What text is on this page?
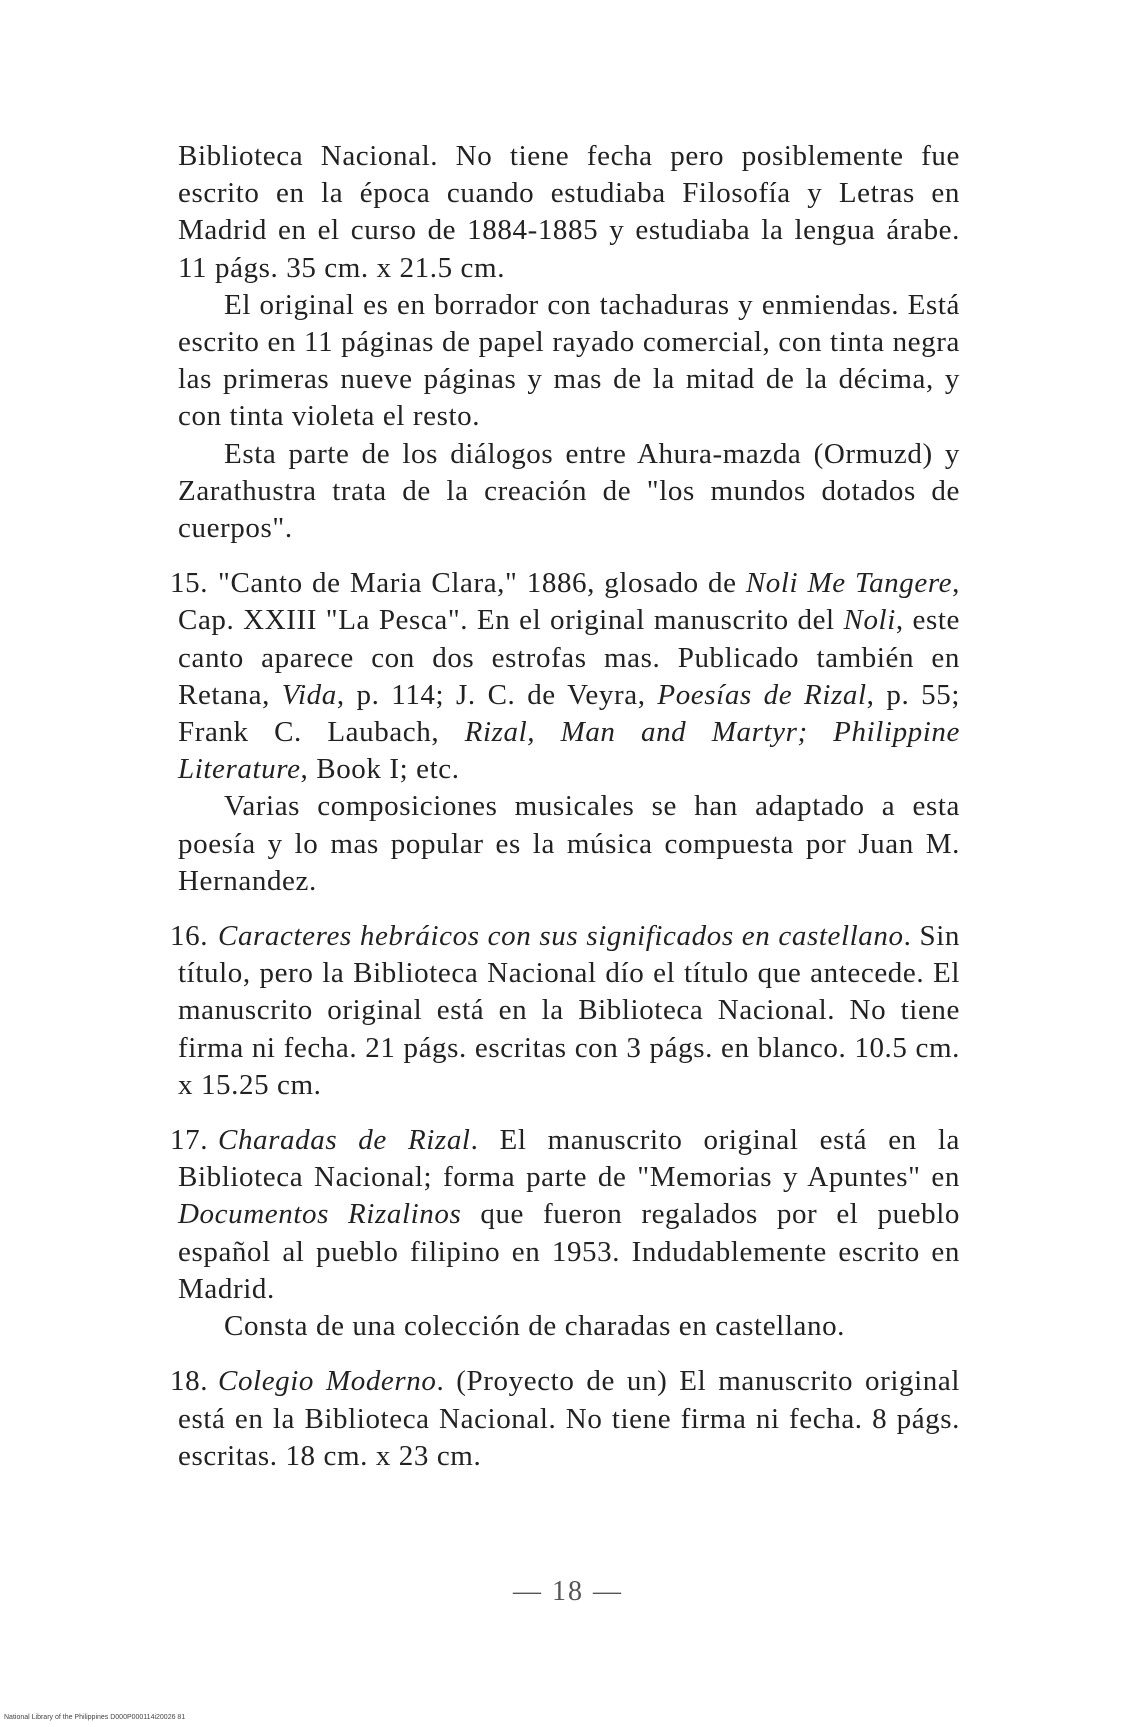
Biblioteca Nacional. No tiene fecha pero posiblemente fue escrito en la época cuando estudiaba Filosofía y Letras en Madrid en el curso de 1884-1885 y estudiaba la lengua árabe. 11 págs. 35 cm. x 21.5 cm.

El original es en borrador con tachaduras y enmiendas. Está escrito en 11 páginas de papel rayado comercial, con tinta negra las primeras nueve páginas y mas de la mitad de la décima, y con tinta violeta el resto.

Esta parte de los diálogos entre Ahura-mazda (Ormuzd) y Zarathustra trata de la creación de "los mundos dotados de cuerpos".

15. "Canto de Maria Clara," 1886, glosado de Noli Me Tangere, Cap. XXIII "La Pesca". En el original manuscrito del Noli, este canto aparece con dos estrofas mas. Publicado también en Retana, Vida, p. 114; J. C. de Veyra, Poesías de Rizal, p. 55; Frank C. Laubach, Rizal, Man and Martyr; Philippine Literature, Book I; etc.

Varias composiciones musicales se han adaptado a esta poesía y lo mas popular es la música compuesta por Juan M. Hernandez.

16. Caracteres hebráicos con sus significados en castellano. Sin título, pero la Biblioteca Nacional dío el título que antecede. El manuscrito original está en la Biblioteca Nacional. No tiene firma ni fecha. 21 págs. escritas con 3 págs. en blanco. 10.5 cm. x 15.25 cm.

17. Charadas de Rizal. El manuscrito original está en la Biblioteca Nacional; forma parte de "Memorias y Apuntes" en Documentos Rizalinos que fueron regalados por el pueblo español al pueblo filipino en 1953. Indudablemente escrito en Madrid.

Consta de una colección de charadas en castellano.

18. Colegio Moderno. (Proyecto de un) El manuscrito original está en la Biblioteca Nacional. No tiene firma ni fecha. 8 págs. escritas. 18 cm. x 23 cm.

— 18 —
National Library of the Philippines D000P000114i20026 81
